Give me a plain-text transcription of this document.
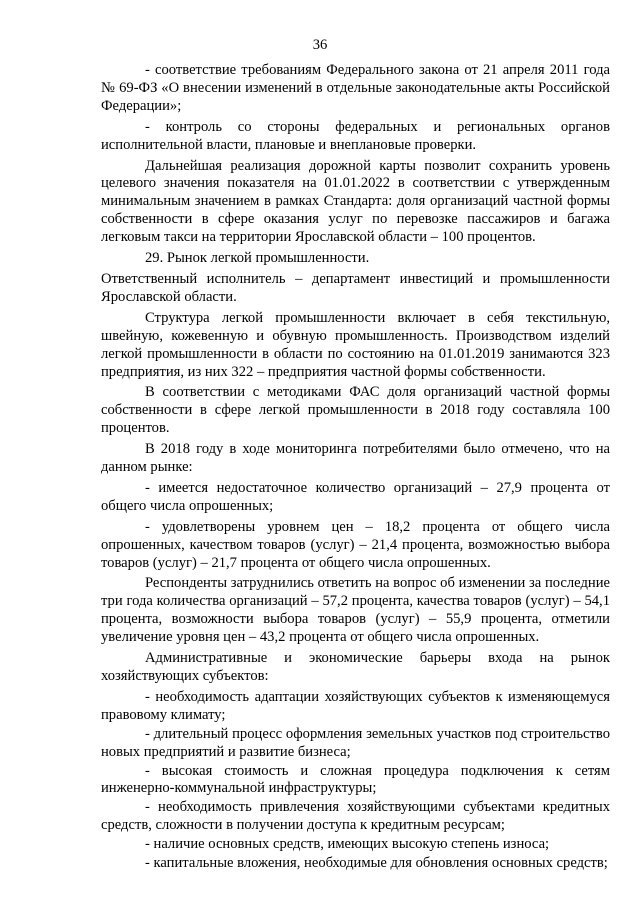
36

- соответствие требованиям Федерального закона от 21 апреля 2011 года № 69-ФЗ «О внесении изменений в отдельные законодательные акты Российской Федерации»;

- контроль со стороны федеральных и региональных органов исполнительной власти, плановые и внеплановые проверки.

Дальнейшая реализация дорожной карты позволит сохранить уровень целевого значения показателя на 01.01.2022 в соответствии с утвержденным минимальным значением в рамках Стандарта: доля организаций частной формы собственности в сфере оказания услуг по перевозке пассажиров и багажа легковым такси на территории Ярославской области – 100 процентов.

29. Рынок легкой промышленности.

Ответственный исполнитель – департамент инвестиций и промышленности Ярославской области.

Структура легкой промышленности включает в себя текстильную, швейную, кожевенную и обувную промышленность. Производством изделий легкой промышленности в области по состоянию на 01.01.2019 занимаются 323 предприятия, из них 322 – предприятия частной формы собственности.

В соответствии с методиками ФАС доля организаций частной формы собственности в сфере легкой промышленности в 2018 году составляла 100 процентов.

В 2018 году в ходе мониторинга потребителями было отмечено, что на данном рынке:

- имеется недостаточное количество организаций – 27,9 процента от общего числа опрошенных;

- удовлетворены уровнем цен – 18,2 процента от общего числа опрошенных, качеством товаров (услуг) – 21,4 процента, возможностью выбора товаров (услуг) – 21,7 процента от общего числа опрошенных.

Респонденты затруднились ответить на вопрос об изменении за последние три года количества организаций – 57,2 процента, качества товаров (услуг) – 54,1 процента, возможности выбора товаров (услуг) – 55,9 процента, отметили увеличение уровня цен – 43,2 процента от общего числа опрошенных.

Административные и экономические барьеры входа на рынок хозяйствующих субъектов:

- необходимость адаптации хозяйствующих субъектов к изменяющемуся правовому климату;

- длительный процесс оформления земельных участков под строительство новых предприятий и развитие бизнеса;

- высокая стоимость и сложная процедура подключения к сетям инженерно-коммунальной инфраструктуры;

- необходимость привлечения хозяйствующими субъектами кредитных средств, сложности в получении доступа к кредитным ресурсам;

- наличие основных средств, имеющих высокую степень износа;

- капитальные вложения, необходимые для обновления основных средств;
